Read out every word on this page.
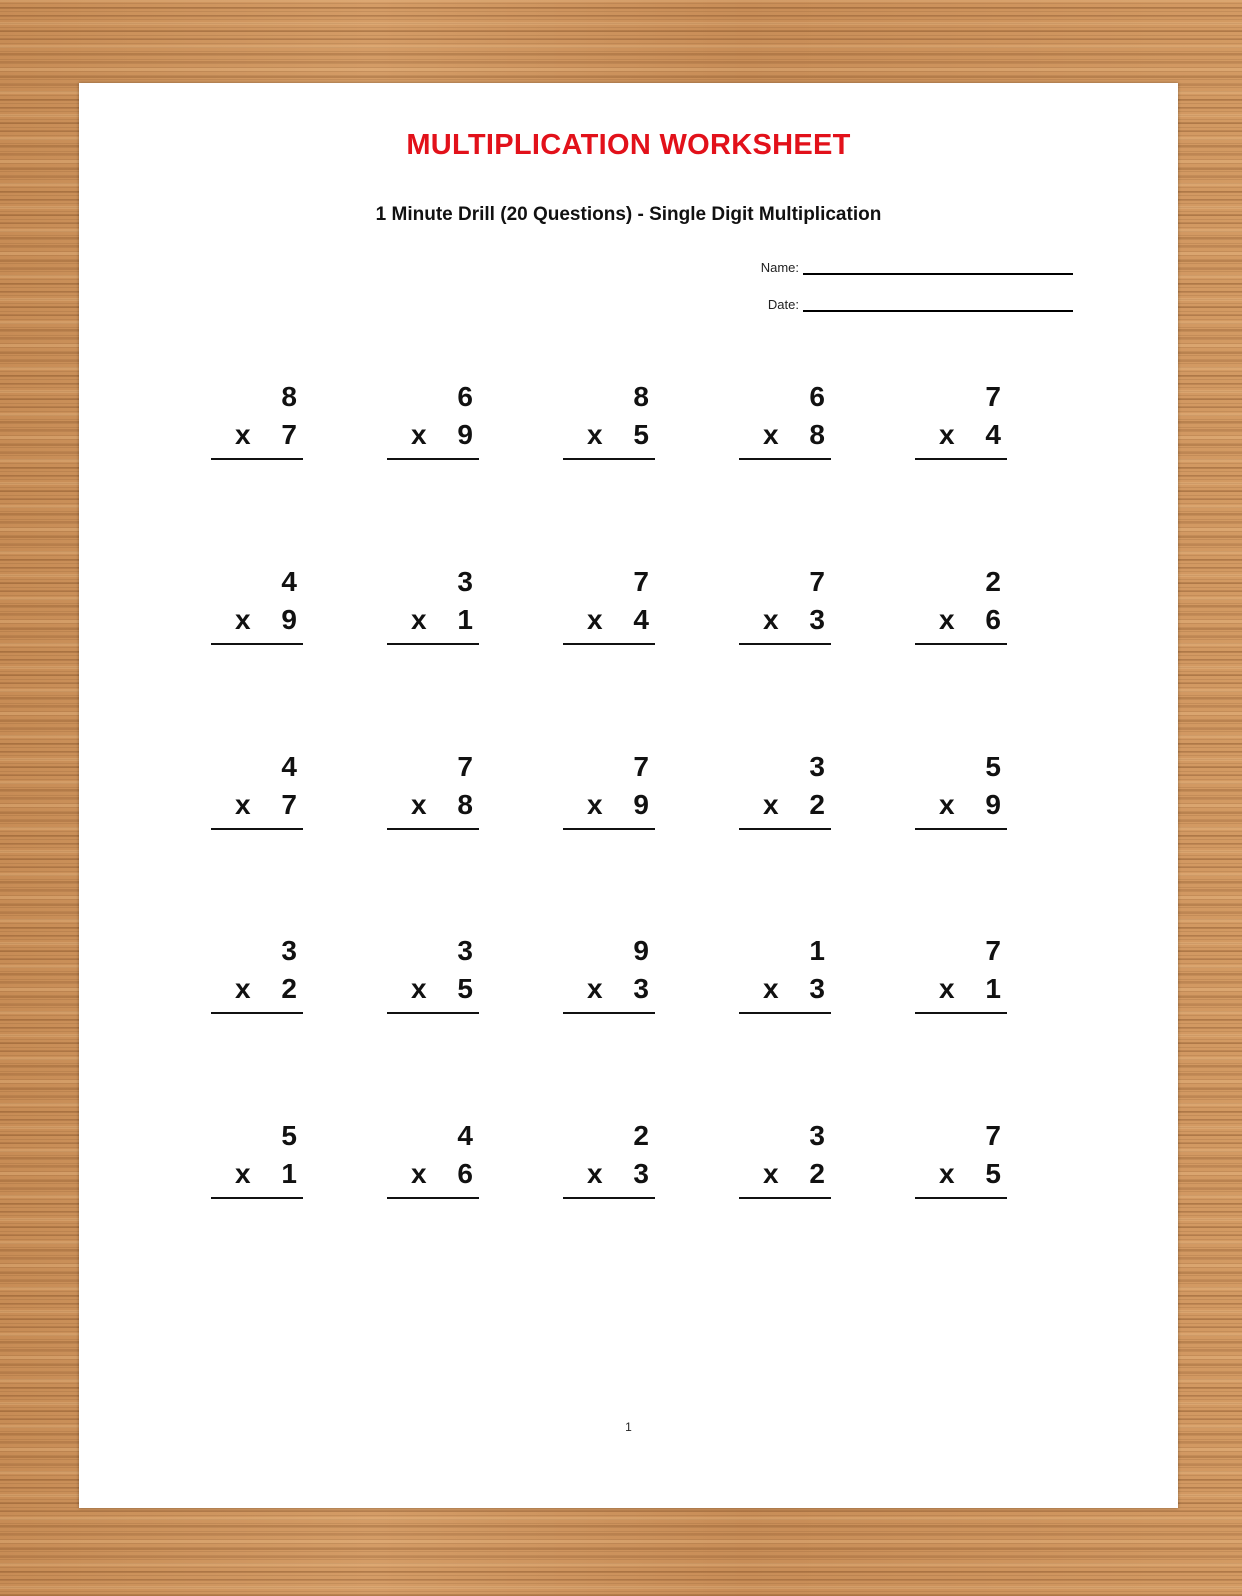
MULTIPLICATION WORKSHEET
1 Minute Drill (20 Questions) - Single Digit Multiplication
Name:
Date:
8
x 7
6
x 9
8
x 5
6
x 8
7
x 4
4
x 9
3
x 1
7
x 4
7
x 3
2
x 6
4
x 7
7
x 8
7
x 9
3
x 2
5
x 9
3
x 2
3
x 5
9
x 3
1
x 3
7
x 1
5
x 1
4
x 6
2
x 3
3
x 2
7
x 5
1
